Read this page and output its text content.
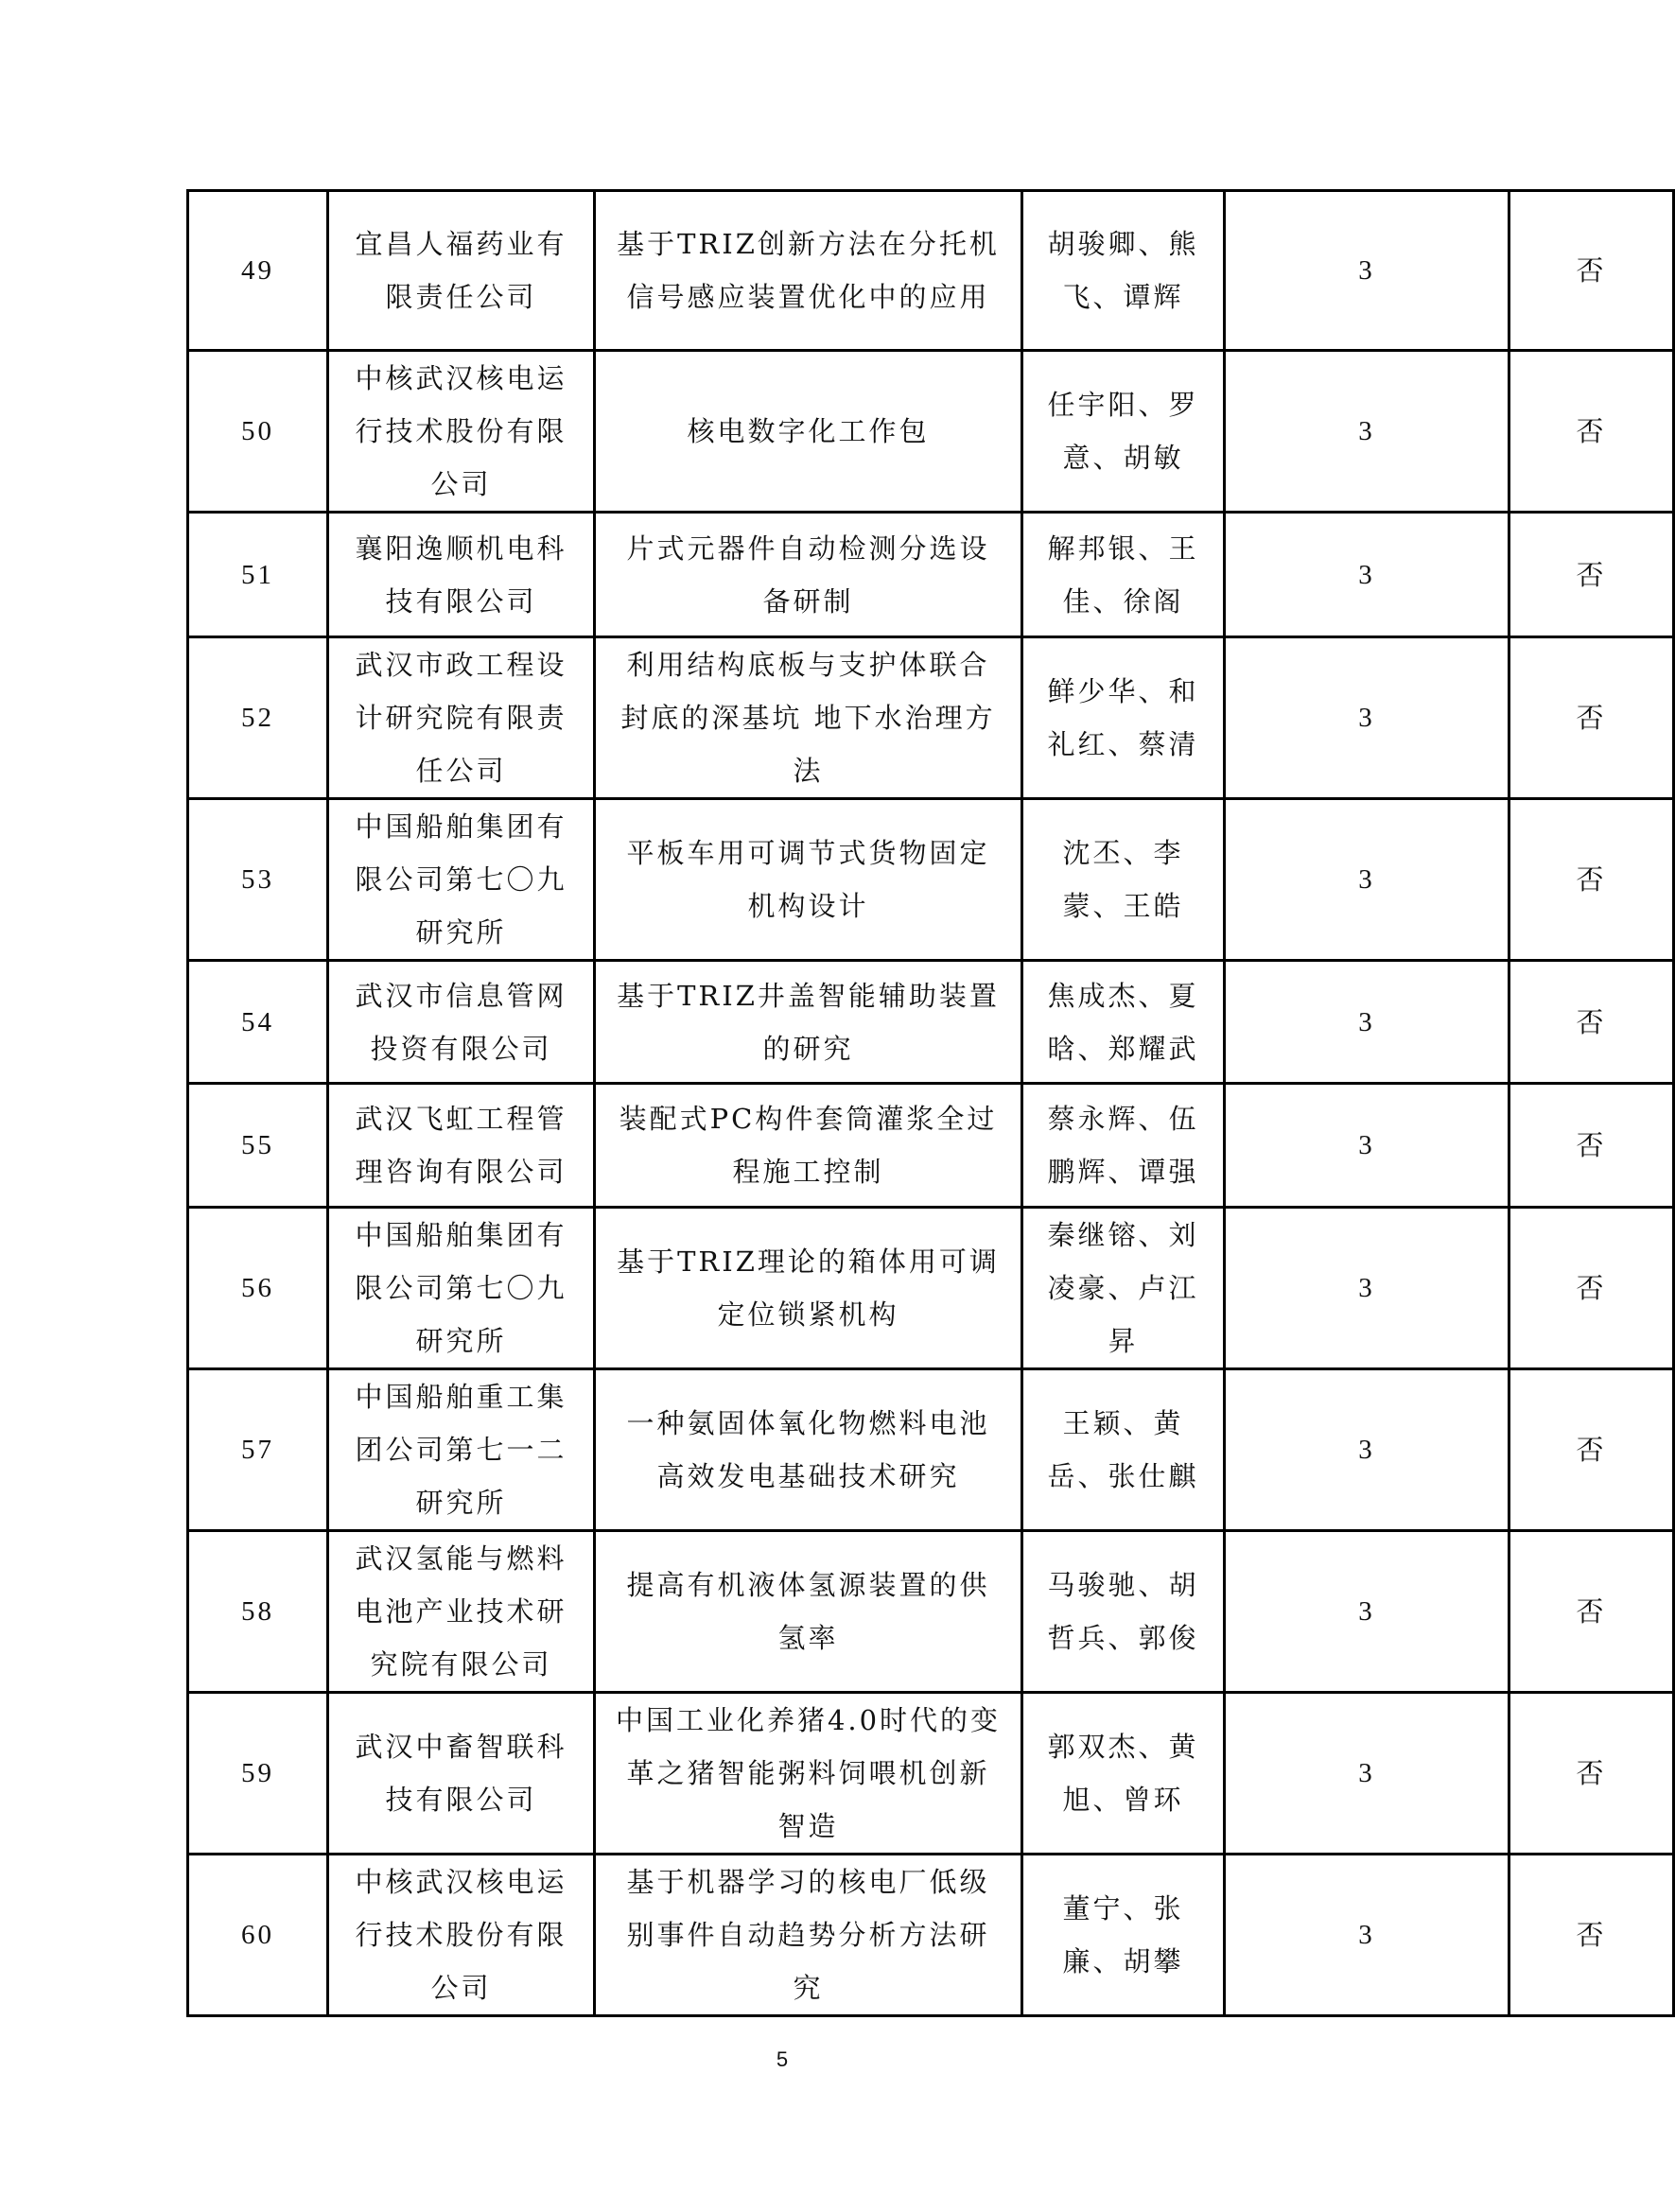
49	宜昌人福药业有限责任公司	基于TRIZ创新方法在分托机信号感应装置优化中的应用	胡骏卿、熊飞、谭辉	3	否
50	中核武汉核电运行技术股份有限公司	核电数字化工作包	任宇阳、罗意、胡敏	3	否
51	襄阳逸顺机电科技有限公司	片式元器件自动检测分选设备研制	解邦银、王佳、徐阁	3	否
52	武汉市政工程设计研究院有限责任公司	利用结构底板与支护体联合封底的深基坑 地下水治理方法	鲜少华、和礼红、蔡清	3	否
53	中国船舶集团有限公司第七〇九研究所	平板车用可调节式货物固定机构设计	沈丕、李蒙、王皓	3	否
54	武汉市信息管网投资有限公司	基于TRIZ井盖智能辅助装置的研究	焦成杰、夏晗、郑耀武	3	否
55	武汉飞虹工程管理咨询有限公司	装配式PC构件套筒灌浆全过程施工控制	蔡永辉、伍鹏辉、谭强	3	否
56	中国船舶集团有限公司第七〇九研究所	基于TRIZ理论的箱体用可调定位锁紧机构	秦继镕、刘凌豪、卢江昇	3	否
57	中国船舶重工集团公司第七一二研究所	一种氨固体氧化物燃料电池高效发电基础技术研究	王颖、黄岳、张仕麒	3	否
58	武汉氢能与燃料电池产业技术研究院有限公司	提高有机液体氢源装置的供氢率	马骏驰、胡哲兵、郭俊	3	否
59	武汉中畜智联科技有限公司	中国工业化养猪4.0时代的变革之猪智能粥料饲喂机创新智造	郭双杰、黄旭、曾环	3	否
60	中核武汉核电运行技术股份有限公司	基于机器学习的核电厂低级别事件自动趋势分析方法研究	董宁、张廉、胡攀	3	否
5
